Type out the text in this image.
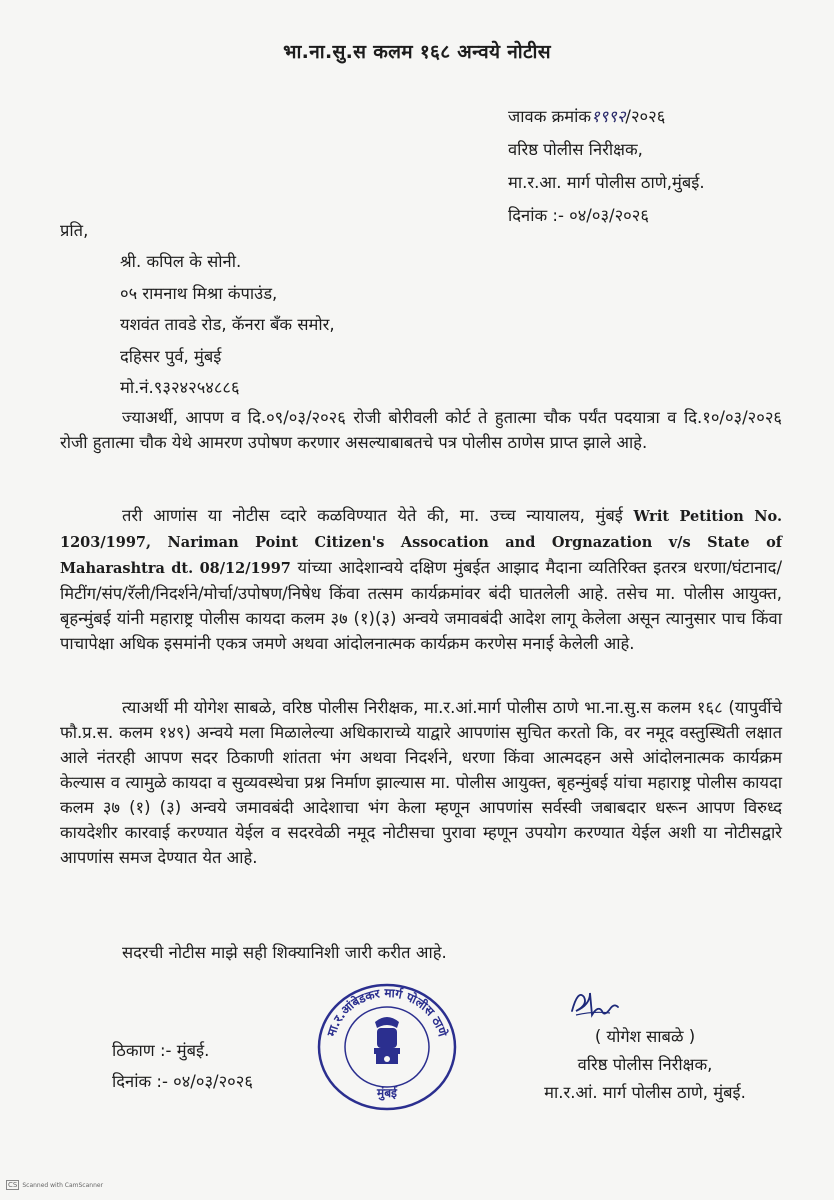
भा.ना.सु.स कलम १६८ अन्वये नोटीस
जावक क्रमांक१९९२/२०२६
वरिष्ठ पोलीस निरीक्षक,
मा.र.आ. मार्ग पोलीस ठाणे,मुंबई.
दिनांक :- ०४/०३/२०२६
प्रति,
श्री. कपिल के सोनी.
०५ रामनाथ मिश्रा कंपाउंड,
यशवंत तावडे रोड, कॅनरा बॅंक समोर,
दहिसर पुर्व, मुंबई
मो.नं.९३२४२५४८८६
ज्याअर्थी, आपण व दि.०९/०३/२०२६ रोजी बोरीवली कोर्ट ते हुतात्मा चौक पर्यंत पदयात्रा व दि.१०/०३/२०२६ रोजी हुतात्मा चौक येथे आमरण उपोषण करणार असल्याबाबतचे पत्र पोलीस ठाणेस प्राप्त झाले आहे.
तरी आणांस या नोटीस व्दारे कळविण्यात येते की, मा. उच्च न्यायालय, मुंबई Writ Petition No. 1203/1997, Nariman Point Citizen's Assocation and Orgnazation v/s State of Maharashtra dt. 08/12/1997 यांच्या आदेशान्वये दक्षिण मुंबईत आझाद मैदाना व्यतिरिक्त इतरत्र धरणा/घंटानाद/ मिटींग/संप/रॅली/निदर्शने/मोर्चा/उपोषण/निषेध किंवा तत्सम कार्यक्रमांवर बंदी घातलेली आहे. तसेच मा. पोलीस आयुक्त, बृहन्मुंबई यांनी महाराष्ट्र पोलीस कायदा कलम ३७ (१)(३) अन्वये जमावबंदी आदेश लागू केलेला असून त्यानुसार पाच किंवा पाचापेक्षा अधिक इसमांनी एकत्र जमणे अथवा आंदोलनात्मक कार्यक्रम करणेस मनाई केलेली आहे.
त्याअर्थी मी योगेश साबळे, वरिष्ठ पोलीस निरीक्षक, मा.र.आं.मार्ग पोलीस ठाणे भा.ना.सु.स कलम १६८ (यापुर्वीचे फौ.प्र.स. कलम १४९) अन्वये मला मिळालेल्या अधिकाराच्ये याद्वारे आपणांस सुचित करतो कि, वर नमूद वस्तुस्थिती लक्षात आले नंतरही आपण सदर ठिकाणी शांतता भंग अथवा निदर्शने, धरणा किंवा आत्मदहन असे आंदोलनात्मक कार्यक्रम केल्यास व त्यामुळे कायदा व सुव्यवस्थेचा प्रश्न निर्माण झाल्यास मा. पोलीस आयुक्त, बृहन्मुंबई यांचा महाराष्ट्र पोलीस कायदा कलम ३७ (१) (३) अन्वये जमावबंदी आदेशाचा भंग केला म्हणून आपणांस सर्वस्वी जबाबदार धरून आपण विरुध्द कायदेशीर कारवाई करण्यात येईल व सदरवेळी नमूद नोटीसचा पुरावा म्हणून उपयोग करण्यात येईल अशी या नोटीसद्वारे आपणांस समज देण्यात येत आहे.
सदरची नोटीस माझे सही शिक्यानिशी जारी करीत आहे.
ठिकाण :- मुंबई.
दिनांक :- ०४/०३/२०२६
मा.र.आंबेडकर मार्ग पोलीस ठाणे
मुंबई
( योगेश साबळे )
वरिष्ठ पोलीस निरीक्षक,
मा.र.आं. मार्ग पोलीस ठाणे, मुंबई.
CS Scanned with CamScanner
